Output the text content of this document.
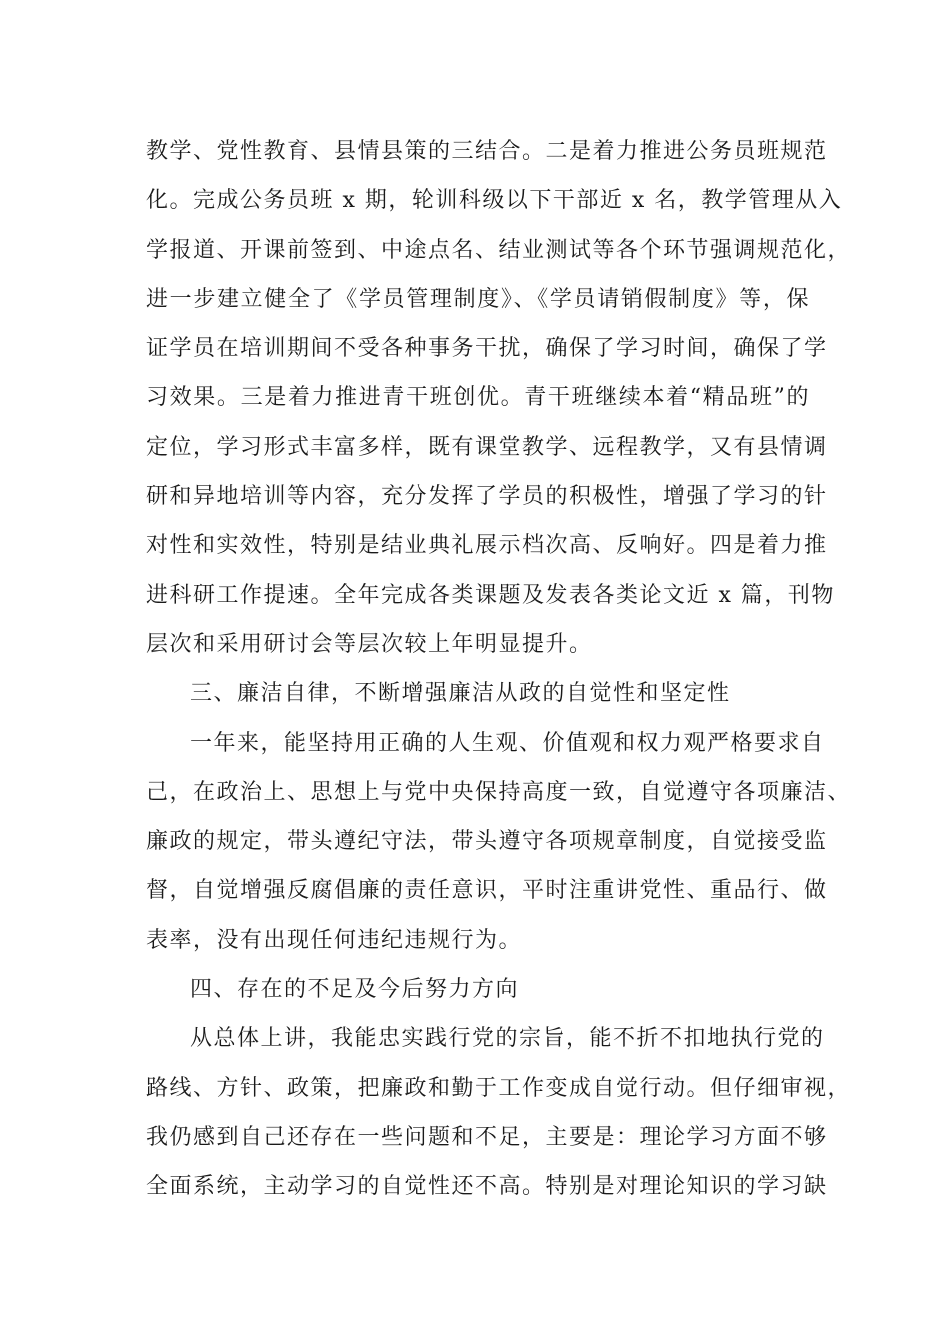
教学、党性教育、县情县策的三结合。二是着力推进公务员班规范
化。完成公务员班 x 期，轮训科级以下干部近 x 名，教学管理从入
学报道、开课前签到、中途点名、结业测试等各个环节强调规范化，
进一步建立健全了《学员管理制度》、《学员请销假制度》等，保
证学员在培训期间不受各种事务干扰，确保了学习时间，确保了学
习效果。三是着力推进青干班创优。青干班继续本着“精品班”的
定位，学习形式丰富多样，既有课堂教学、远程教学，又有县情调
研和异地培训等内容，充分发挥了学员的积极性，增强了学习的针
对性和实效性，特别是结业典礼展示档次高、反响好。四是着力推
进科研工作提速。全年完成各类课题及发表各类论文近 x 篇，刊物
层次和采用研讨会等层次较上年明显提升。
三、廉洁自律，不断增强廉洁从政的自觉性和坚定性
一年来，能坚持用正确的人生观、价值观和权力观严格要求自
己，在政治上、思想上与党中央保持高度一致，自觉遵守各项廉洁、
廉政的规定，带头遵纪守法，带头遵守各项规章制度，自觉接受监
督，自觉增强反腐倡廉的责任意识，平时注重讲党性、重品行、做
表率，没有出现任何违纪违规行为。
四、存在的不足及今后努力方向
从总体上讲，我能忠实践行党的宗旨，能不折不扣地执行党的
路线、方针、政策，把廉政和勤于工作变成自觉行动。但仔细审视，
我仍感到自己还存在一些问题和不足，主要是：理论学习方面不够
全面系统，主动学习的自觉性还不高。特别是对理论知识的学习缺
